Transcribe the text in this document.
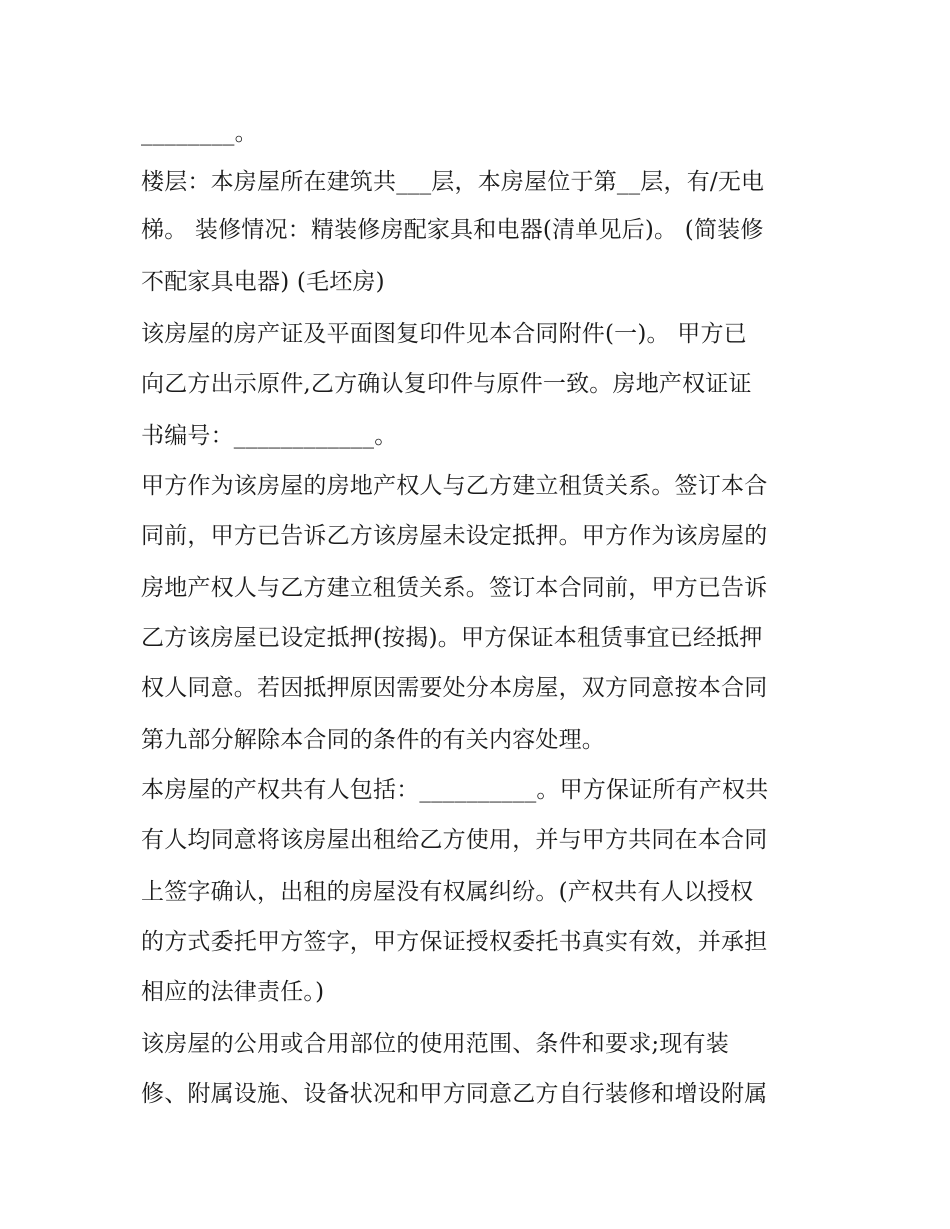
________。
楼层：本房屋所在建筑共___层，本房屋位于第__层，有/无电
梯。 装修情况：精装修房配家具和电器(清单见后)。 (简装修
不配家具电器) (毛坯房)
该房屋的房产证及平面图复印件见本合同附件(一)。 甲方已
向乙方出示原件,乙方确认复印件与原件一致。房地产权证证
书编号：____________。
甲方作为该房屋的房地产权人与乙方建立租赁关系。签订本合
同前，甲方已告诉乙方该房屋未设定抵押。甲方作为该房屋的
房地产权人与乙方建立租赁关系。签订本合同前，甲方已告诉
乙方该房屋已设定抵押(按揭)。甲方保证本租赁事宜已经抵押
权人同意。若因抵押原因需要处分本房屋，双方同意按本合同
第九部分解除本合同的条件的有关内容处理。
本房屋的产权共有人包括：__________。甲方保证所有产权共
有人均同意将该房屋出租给乙方使用，并与甲方共同在本合同
上签字确认，出租的房屋没有权属纠纷。(产权共有人以授权
的方式委托甲方签字，甲方保证授权委托书真实有效，并承担
相应的法律责任。)
该房屋的公用或合用部位的使用范围、条件和要求;现有装
修、附属设施、设备状况和甲方同意乙方自行装修和增设附属
